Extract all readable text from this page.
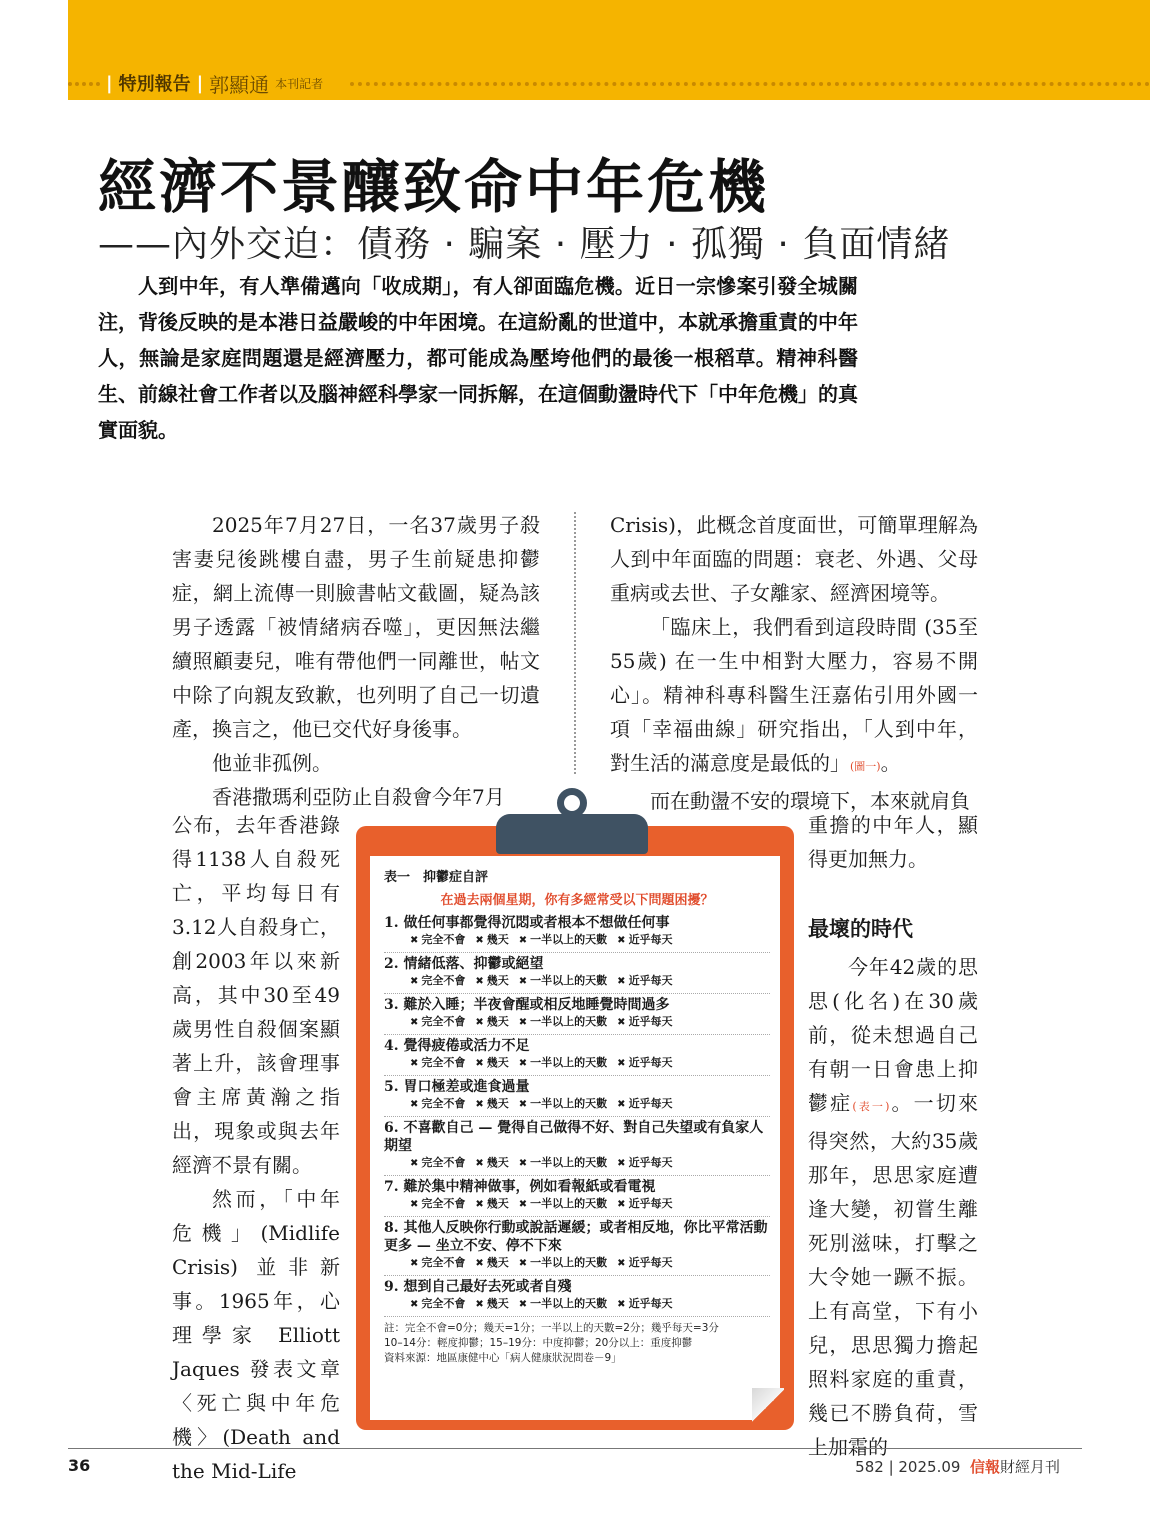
| 特別報告 | 郭顯通 本刊記者
經濟不景釀致命中年危機
——內外交迫：債務 · 騙案 · 壓力 · 孤獨 · 負面情緒

人到中年，有人準備邁向「收成期」，有人卻面臨危機。近日一宗慘案引發全城關注，背後反映的是本港日益嚴峻的中年困境。在這紛亂的世道中，本就承擔重責的中年人，無論是家庭問題還是經濟壓力，都可能成為壓垮他們的最後一根稻草。精神科醫生、前線社會工作者以及腦神經科學家一同拆解，在這個動盪時代下「中年危機」的真實面貌。

2025年7月27日，一名37歲男子殺害妻兒後跳樓自盡，男子生前疑患抑鬱症，網上流傳一則臉書帖文截圖，疑為該男子透露「被情緒病吞噬」，更因無法繼續照顧妻兒，唯有帶他們一同離世，帖文中除了向親友致歉，也列明了自己一切遺產，換言之，他已交代好身後事。

他並非孤例。

香港撒瑪利亞防止自殺會今年7月

公布，去年香港錄得1138人自殺死亡，平均每日有3.12人自殺身亡，創2003年以來新高，其中30至49歲男性自殺個案顯著上升，該會理事會主席黃瀚之指出，現象或與去年經濟不景有關。

然而，「中年危機」(Midlife Crisis) 並非新事。1965年，心理學家 Elliott Jaques 發表文章〈死亡與中年危機〉(Death and the Mid-Life

Crisis)，此概念首度面世，可簡單理解為人到中年面臨的問題：衰老、外遇、父母重病或去世、子女離家、經濟困境等。

「臨床上，我們看到這段時間 (35至55歲) 在一生中相對大壓力，容易不開心」。精神科專科醫生汪嘉佑引用外國一項「幸福曲線」研究指出，「人到中年，對生活的滿意度是最低的」(圖一)。

而在動盪不安的環境下，本來就肩負

重擔的中年人，顯得更加無力。

最壞的時代

今年42歲的思思(化名)在30歲前，從未想過自己有朝一日會患上抑鬱症(表一)。一切來得突然，大約35歲那年，思思家庭遭逢大變，初嘗生離死別滋味，打擊之大令她一蹶不振。上有高堂，下有小兒，思思獨力擔起照料家庭的重責，幾已不勝負荷，雪上加霜的

表一　抑鬱症自評
在過去兩個星期，你有多經常受以下問題困擾？
1. 做任何事都覺得沉悶或者根本不想做任何事
✖ 完全不會 ✖ 幾天 ✖ 一半以上的天數 ✖ 近乎每天
2. 情緒低落、抑鬱或絕望
✖ 完全不會 ✖ 幾天 ✖ 一半以上的天數 ✖ 近乎每天
3. 難於入睡；半夜會醒或相反地睡覺時間過多
✖ 完全不會 ✖ 幾天 ✖ 一半以上的天數 ✖ 近乎每天
4. 覺得疲倦或活力不足
✖ 完全不會 ✖ 幾天 ✖ 一半以上的天數 ✖ 近乎每天
5. 胃口極差或進食過量
✖ 完全不會 ✖ 幾天 ✖ 一半以上的天數 ✖ 近乎每天
6. 不喜歡自己 — 覺得自己做得不好、對自己失望或有負家人期望
✖ 完全不會 ✖ 幾天 ✖ 一半以上的天數 ✖ 近乎每天
7. 難於集中精神做事，例如看報紙或看電視
✖ 完全不會 ✖ 幾天 ✖ 一半以上的天數 ✖ 近乎每天
8. 其他人反映你行動或說話遲緩；或者相反地，你比平常活動更多 — 坐立不安、停不下來
✖ 完全不會 ✖ 幾天 ✖ 一半以上的天數 ✖ 近乎每天
9. 想到自己最好去死或者自殘
✖ 完全不會 ✖ 幾天 ✖ 一半以上的天數 ✖ 近乎每天
註：完全不會=0分；幾天=1分；一半以上的天數=2分；幾乎每天=3分
10–14分：輕度抑鬱；15–19分：中度抑鬱；20分以上：重度抑鬱
資料來源：地區康健中心「病人健康狀況問卷－9」
36	582 | 2025.09 信報財經月刊
